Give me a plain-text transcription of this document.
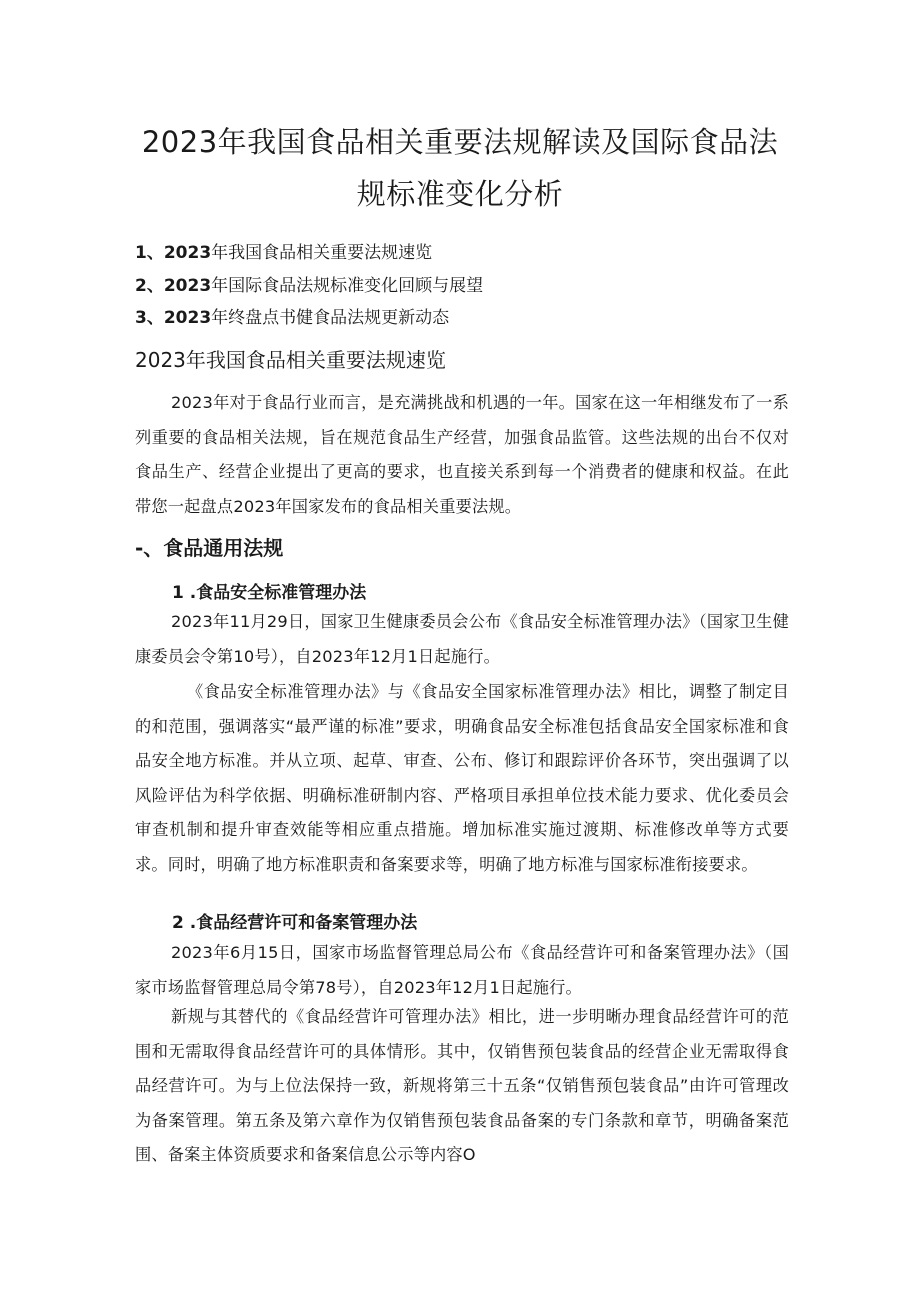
2023年我国食品相关重要法规解读及国际食品法
规标准变化分析

1、2023年我国食品相关重要法规速览

2、2023年国际食品法规标准变化回顾与展望

3、2023年终盘点书健食品法规更新动态

2023年我国食品相关重要法规速览

2023年对于食品行业而言，是充满挑战和机遇的一年。国家在这一年相继发布了一系列重要的食品相关法规，旨在规范食品生产经营，加强食品监管。这些法规的出台不仅对食品生产、经营企业提出了更高的要求，也直接关系到每一个消费者的健康和权益。在此带您一起盘点2023年国家发布的食品相关重要法规。

-、食品通用法规
1 .食品安全标准管理办法

2023年11月29日，国家卫生健康委员会公布《食品安全标准管理办法》（国家卫生健康委员会令第10号），自2023年12月1日起施行。

《食品安全标准管理办法》与《食品安全国家标准管理办法》相比，调整了制定目的和范围，强调落实“最严谨的标准”要求，明确食品安全标准包括食品安全国家标准和食品安全地方标准。并从立项、起草、审查、公布、修订和跟踪评价各环节，突出强调了以风险评估为科学依据、明确标准研制内容、严格项目承担单位技术能力要求、优化委员会审查机制和提升审查效能等相应重点措施。增加标准实施过渡期、标准修改单等方式要求。同时，明确了地方标准职责和备案要求等，明确了地方标准与国家标准衔接要求。

2 .食品经营许可和备案管理办法

2023年6月15日，国家市场监督管理总局公布《食品经营许可和备案管理办法》（国家市场监督管理总局令第78号），自2023年12月1日起施行。

新规与其替代的《食品经营许可管理办法》相比，进一步明晰办理食品经营许可的范围和无需取得食品经营许可的具体情形。其中，仅销售预包装食品的经营企业无需取得食品经营许可。为与上位法保持一致，新规将第三十五条“仅销售预包装食品”由许可管理改为备案管理。第五条及第六章作为仅销售预包装食品备案的专门条款和章节，明确备案范围、备案主体资质要求和备案信息公示等内容O
